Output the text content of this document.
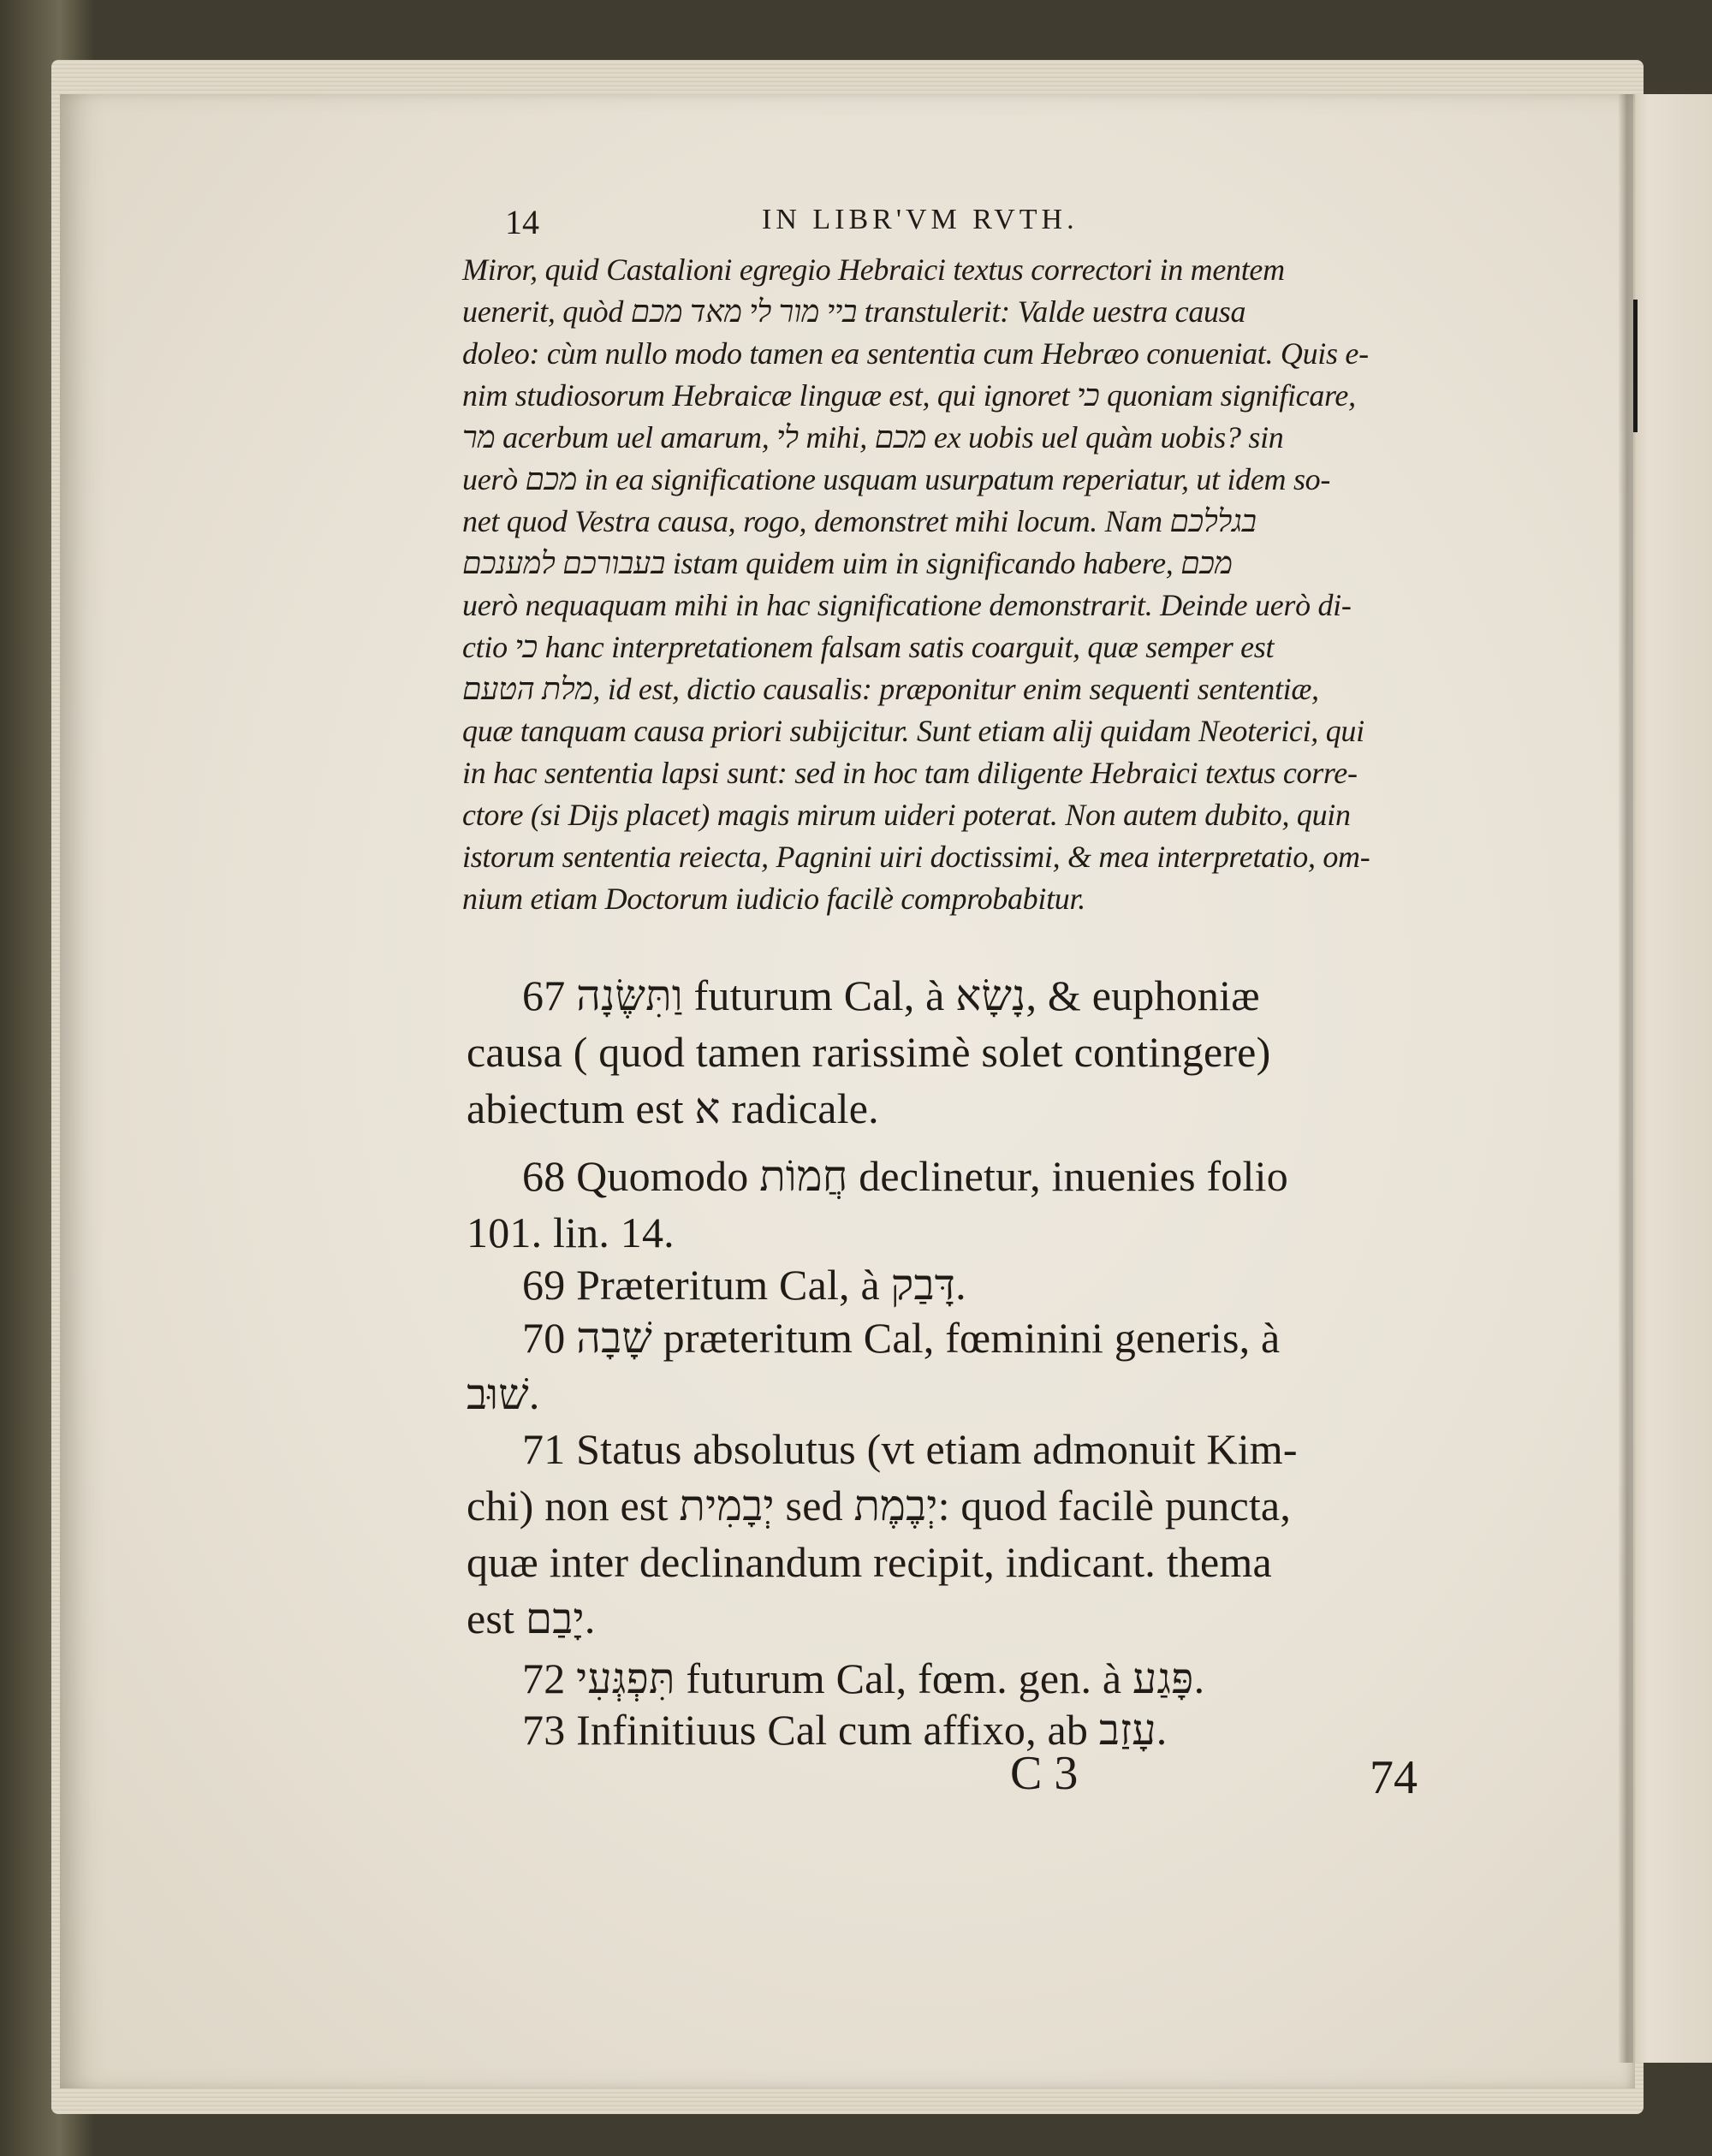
14	IN LIBR'VM RVTH.
Miror, quid Castalioni egregio Hebraici textus correctori in mentem
uenerit, quòd ביי מור לי מאד מכם transtulerit: Valde uestra causa
doleo: cùm nullo modo tamen ea sententia cum Hebræo conueniat. Quis e-
nim studiosorum Hebraicæ linguæ est, qui ignoret כי quoniam significare,
מר acerbum uel amarum, לי mihi, מכם ex uobis uel quàm uobis? sin
uerò מכם in ea significatione usquam usurpatum reperiatur, ut idem so-
net quod Vestra causa, rogo, demonstret mihi locum. Nam בגללכם
בעבורכם למענכם istam quidem uim in significando habere, מכם
uerò nequaquam mihi in hac significatione demonstrarit. Deinde uerò di-
ctio כי hanc interpretationem falsam satis coarguit, quæ semper est
מלת הטעם, id est, dictio causalis: præponitur enim sequenti sententiæ,
quæ tanquam causa priori subijcitur. Sunt etiam alij quidam Neoterici, qui
in hac sententia lapsi sunt: sed in hoc tam diligente Hebraici textus corre-
ctore (si Dijs placet) magis mirum uideri poterat. Non autem dubito, quin
istorum sententia reiecta, Pagnini uiri doctissimi, & mea interpretatio, om-
nium etiam Doctorum iudicio facilè comprobabitur.
67 וַתִּשֶּׂנָה futurum Cal, à נָשָׂא, & euphoniæ
causa ( quod tamen rarissimè solet contingere)
abiectum est א radicale.
68 Quomodo חֲמוֹת declinetur, inuenies folio
101. lin. 14.
69 Præteritum Cal, à דָּבַק.
70 שָׁבָה præteritum Cal, fœminini generis, à
שׁוּב.
71 Status absolutus (vt etiam admonuit Kim-
chi) non est יְבָמִית sed יְבֶמֶת: quod facilè puncta,
quæ inter declinandum recipit, indicant. thema
est יָבַם.
72 תִּפְגְּעִי futurum Cal, fœm. gen. à פָּגַע.
73 Infinitiuus Cal cum affixo, ab עָזַב.
C 3	74
